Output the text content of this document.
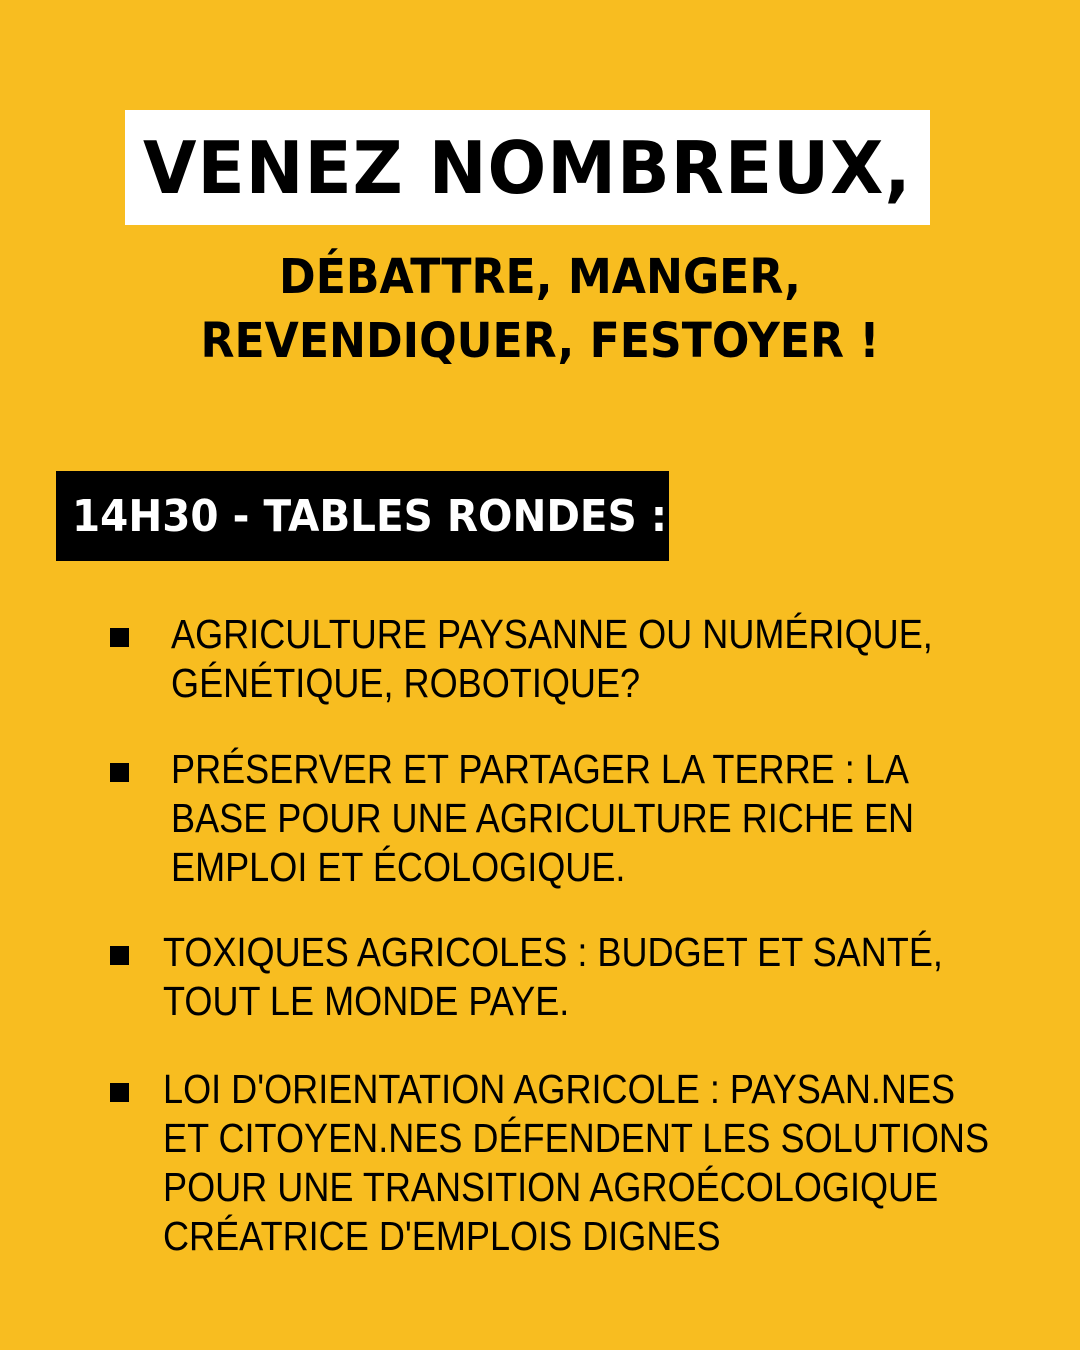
VENEZ NOMBREUX,
DÉBATTRE, MANGER,
REVENDIQUER, FESTOYER !
14H30 - TABLES RONDES :
AGRICULTURE PAYSANNE OU NUMÉRIQUE,
GÉNÉTIQUE, ROBOTIQUE?
PRÉSERVER ET PARTAGER LA TERRE : LA
BASE POUR UNE AGRICULTURE RICHE EN
EMPLOI ET ÉCOLOGIQUE.
TOXIQUES AGRICOLES : BUDGET ET SANTÉ,
TOUT LE MONDE PAYE.
LOI D'ORIENTATION AGRICOLE : PAYSAN.NES
ET CITOYEN.NES DÉFENDENT LES SOLUTIONS
POUR UNE TRANSITION AGROÉCOLOGIQUE
CRÉATRICE D'EMPLOIS DIGNES
